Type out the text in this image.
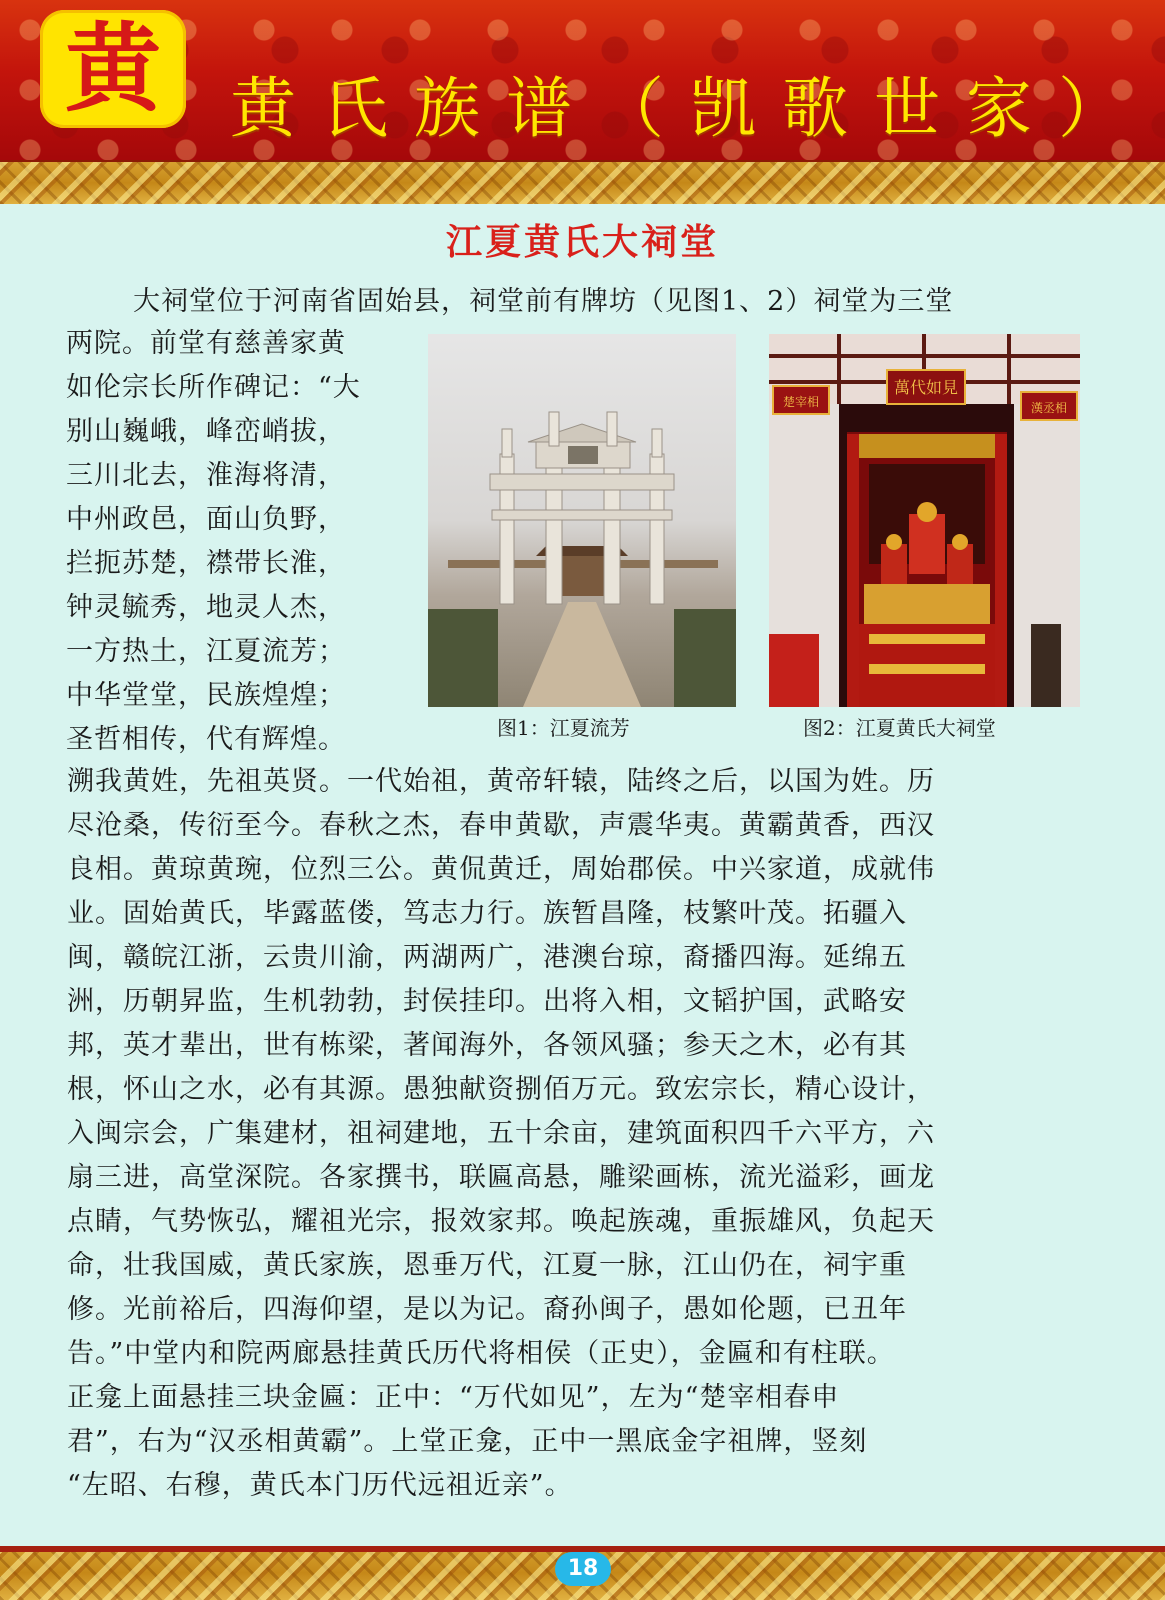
黄	黄氏族谱（凯歌世家）
江夏黄氏大祠堂
大祠堂位于河南省固始县，祠堂前有牌坊（见图1、2）祠堂为三堂
两院。前堂有慈善家黄
如伦宗长所作碑记：“大
别山巍峨，峰峦峭拔，
三川北去，淮海将清，
中州政邑，面山负野，
拦扼苏楚，襟带长淮，
钟灵毓秀，地灵人杰，
一方热土，江夏流芳；
中华堂堂，民族煌煌；
圣哲相传，代有辉煌。
萬代如見
楚宰相	漢丞相
图1：江夏流芳	图2：江夏黄氏大祠堂
溯我黄姓，先祖英贤。一代始祖，黄帝轩辕，陆终之后，以国为姓。历
尽沧桑，传衍至今。春秋之杰，春申黄歇，声震华夷。黄霸黄香，西汉
良相。黄琼黄琬，位烈三公。黄侃黄迁，周始郡侯。中兴家道，成就伟
业。固始黄氏，毕露蓝偻，笃志力行。族暂昌隆，枝繁叶茂。拓疆入
闽，赣皖江浙，云贵川渝，两湖两广，港澳台琼，裔播四海。延绵五
洲，历朝昇监，生机勃勃，封侯挂印。出将入相，文韬护国，武略安
邦，英才辈出，世有栋梁，著闻海外，各领风骚；参天之木，必有其
根，怀山之水，必有其源。愚独献资捌佰万元。致宏宗长，精心设计，
入闽宗会，广集建材，祖祠建地，五十余亩，建筑面积四千六平方，六
扇三进，高堂深院。各家撰书，联匾高悬，雕梁画栋，流光溢彩，画龙
点睛，气势恢弘，耀祖光宗，报效家邦。唤起族魂，重振雄风，负起天
命，壮我国威，黄氏家族，恩垂万代，江夏一脉，江山仍在，祠宇重
修。光前裕后，四海仰望，是以为记。裔孙闽子，愚如伦题，已丑年
告。”中堂内和院两廊悬挂黄氏历代将相侯（正史），金匾和有柱联。
正龛上面悬挂三块金匾：正中：“万代如见”，左为“楚宰相春申
君”，右为“汉丞相黄霸”。上堂正龛，正中一黑底金字祖牌，竖刻
“左昭、右穆，黄氏本门历代远祖近亲”。
18
